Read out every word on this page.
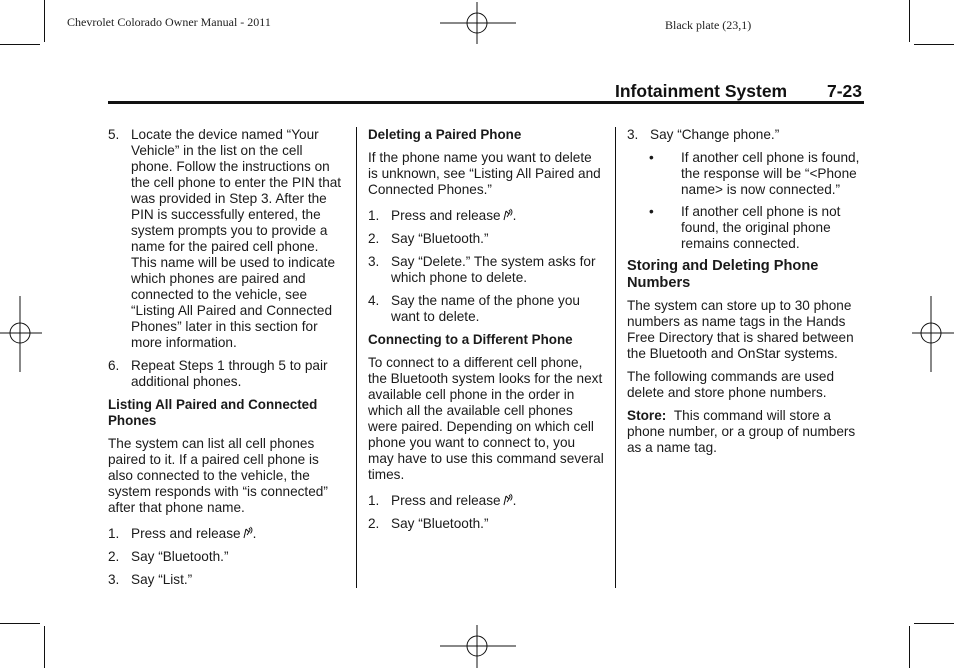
Chevrolet Colorado Owner Manual - 2011	Black plate (23,1)
Infotainment System 7-23
5. Locate the device named “Your Vehicle” in the list on the cell phone. Follow the instructions on the cell phone to enter the PIN that was provided in Step 3. After the PIN is successfully entered, the system prompts you to provide a name for the paired cell phone. This name will be used to indicate which phones are paired and connected to the vehicle, see “Listing All Paired and Connected Phones” later in this section for more information.
6. Repeat Steps 1 through 5 to pair additional phones.
Listing All Paired and Connected Phones

The system can list all cell phones paired to it. If a paired cell phone is also connected to the vehicle, the system responds with “is connected” after that phone name.

1. Press and release .
2. Say “Bluetooth.”
3. Say “List.”
Deleting a Paired Phone

If the phone name you want to delete is unknown, see “Listing All Paired and Connected Phones.”

1. Press and release .
2. Say “Bluetooth.”
3. Say “Delete.” The system asks for which phone to delete.
4. Say the name of the phone you want to delete.
Connecting to a Different Phone

To connect to a different cell phone, the Bluetooth system looks for the next available cell phone in the order in which all the available cell phones were paired. Depending on which cell phone you want to connect to, you may have to use this command several times.

1. Press and release .
2. Say “Bluetooth.”
3. Say “Change phone.”
•	If another cell phone is found, the response will be “<Phone name> is now connected.”
•	If another cell phone is not found, the original phone remains connected.
Storing and Deleting Phone Numbers

The system can store up to 30 phone numbers as name tags in the Hands Free Directory that is shared between the Bluetooth and OnStar systems.

The following commands are used delete and store phone numbers.

Store: This command will store a phone number, or a group of numbers as a name tag.
